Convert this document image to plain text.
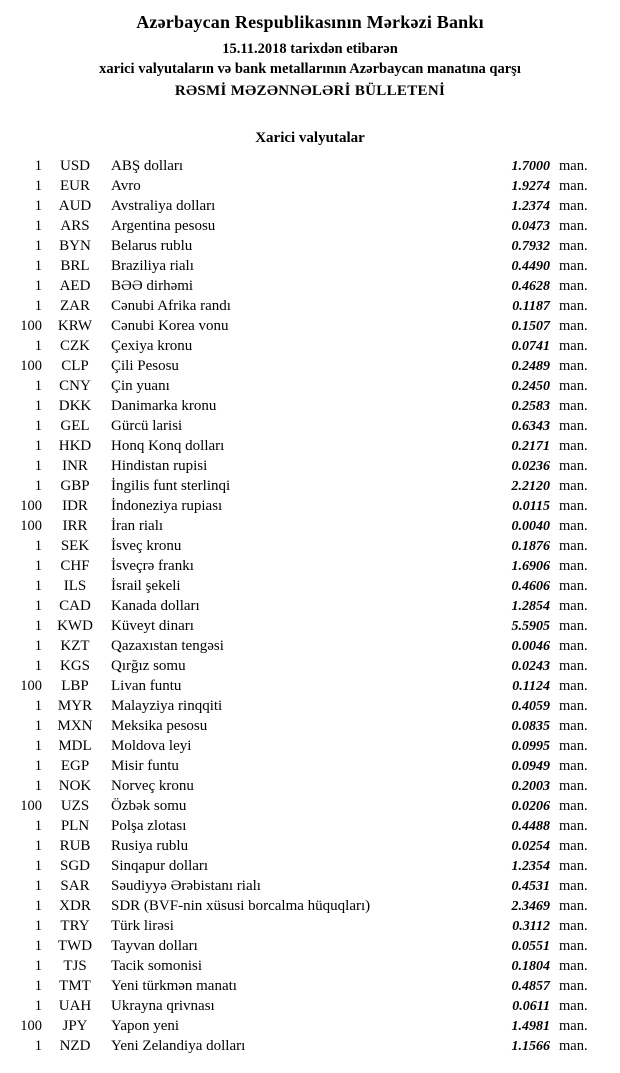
Azərbaycan Respublikasının Mərkəzi Bankı

15.11.2018 tarixdən etibarən

xarici valyutaların və bank metallarının Azərbaycan manatına qarşı

RƏSMİ MƏZƏNNƏLƏRİ BÜLLETENİ

Xarici valyutalar
1	USD	ABŞ dolları	1.7000 man.
1	EUR	Avro	1.9274 man.
1	AUD	Avstraliya dolları	1.2374 man.
1	ARS	Argentina pesosu	0.0473 man.
1	BYN	Belarus rublu	0.7932 man.
1	BRL	Braziliya rialı	0.4490 man.
1	AED	BƏƏ dirhəmi	0.4628 man.
1	ZAR	Cənubi Afrika randı	0.1187 man.
100	KRW	Cənubi Korea vonu	0.1507 man.
1	CZK	Çexiya kronu	0.0741 man.
100	CLP	Çili Pesosu	0.2489 man.
1	CNY	Çin yuanı	0.2450 man.
1	DKK	Danimarka kronu	0.2583 man.
1	GEL	Gürcü larisi	0.6343 man.
1	HKD	Honq Konq dolları	0.2171 man.
1	INR	Hindistan rupisi	0.0236 man.
1	GBP	İngilis funt sterlinqi	2.2120 man.
100	IDR	İndoneziya rupiası	0.0115 man.
100	IRR	İran rialı	0.0040 man.
1	SEK	İsveç kronu	0.1876 man.
1	CHF	İsveçrə frankı	1.6906 man.
1	ILS	İsrail şekeli	0.4606 man.
1	CAD	Kanada dolları	1.2854 man.
1	KWD	Küveyt dinarı	5.5905 man.
1	KZT	Qazaxıstan tengəsi	0.0046 man.
1	KGS	Qırğız somu	0.0243 man.
100	LBP	Livan funtu	0.1124 man.
1	MYR	Malayziya rinqqiti	0.4059 man.
1	MXN	Meksika pesosu	0.0835 man.
1	MDL	Moldova leyi	0.0995 man.
1	EGP	Misir funtu	0.0949 man.
1	NOK	Norveç kronu	0.2003 man.
100	UZS	Özbək somu	0.0206 man.
1	PLN	Polşa zlotası	0.4488 man.
1	RUB	Rusiya rublu	0.0254 man.
1	SGD	Sinqapur dolları	1.2354 man.
1	SAR	Səudiyyə Ərəbistanı rialı	0.4531 man.
1	XDR	SDR (BVF-nin xüsusi borcalma hüquqları)	2.3469 man.
1	TRY	Türk lirəsi	0.3112 man.
1	TWD	Tayvan dolları	0.0551 man.
1	TJS	Tacik somonisi	0.1804 man.
1	TMT	Yeni türkmən manatı	0.4857 man.
1	UAH	Ukrayna qrivnası	0.0611 man.
100	JPY	Yapon yeni	1.4981 man.
1	NZD	Yeni Zelandiya dolları	1.1566 man.
